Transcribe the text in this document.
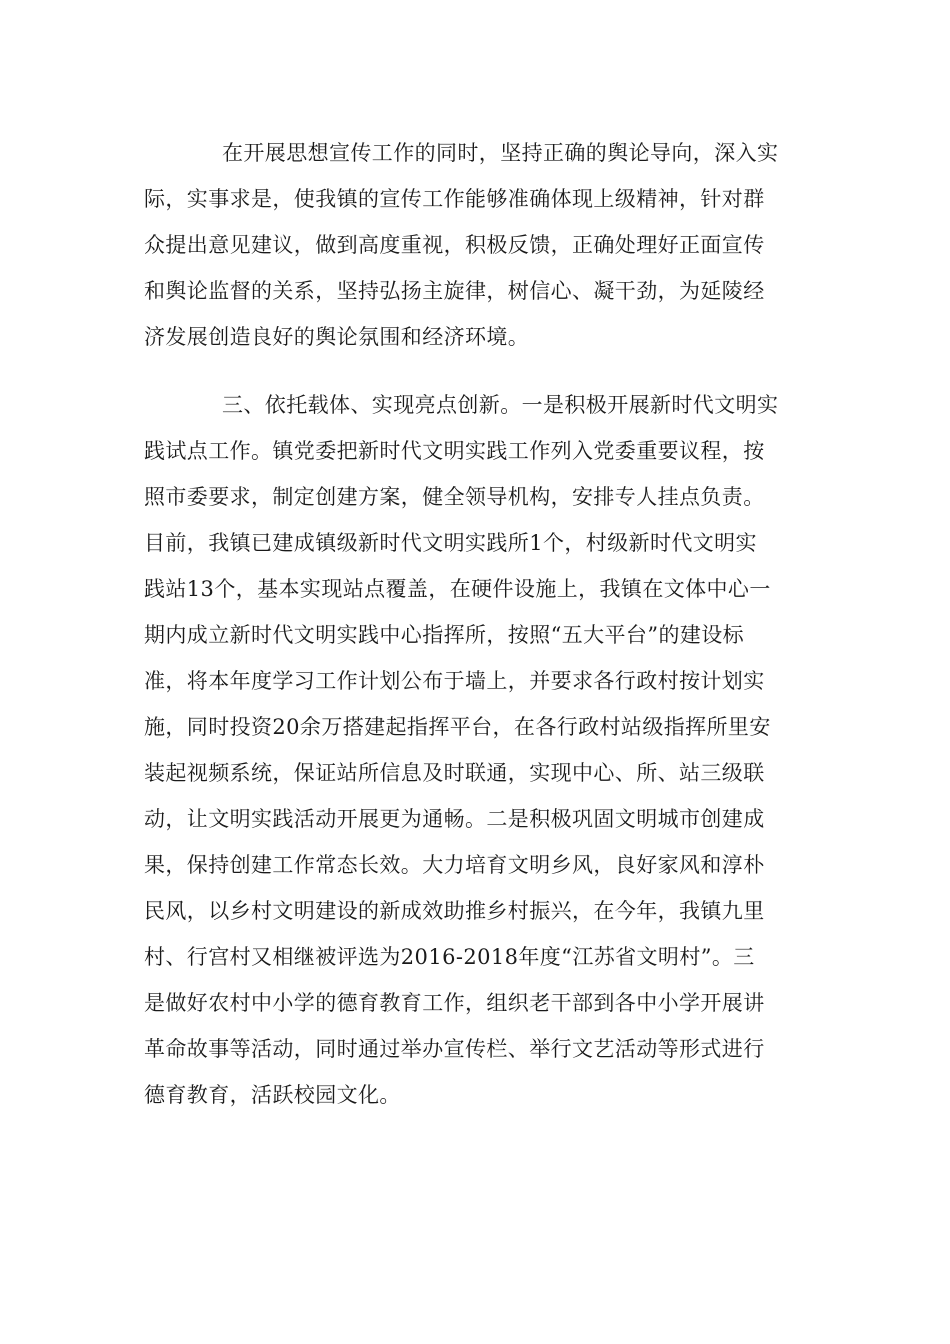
在开展思想宣传工作的同时，坚持正确的舆论导向，深入实
际，实事求是，使我镇的宣传工作能够准确体现上级精神，针对群
众提出意见建议，做到高度重视，积极反馈，正确处理好正面宣传
和舆论监督的关系，坚持弘扬主旋律，树信心、凝干劲，为延陵经
济发展创造良好的舆论氛围和经济环境。
三、依托载体、实现亮点创新。一是积极开展新时代文明实
践试点工作。镇党委把新时代文明实践工作列入党委重要议程，按
照市委要求，制定创建方案，健全领导机构，安排专人挂点负责。
目前，我镇已建成镇级新时代文明实践所1个，村级新时代文明实
践站13个，基本实现站点覆盖，在硬件设施上，我镇在文体中心一
期内成立新时代文明实践中心指挥所，按照“五大平台”的建设标
准，将本年度学习工作计划公布于墙上，并要求各行政村按计划实
施，同时投资20余万搭建起指挥平台，在各行政村站级指挥所里安
装起视频系统，保证站所信息及时联通，实现中心、所、站三级联
动，让文明实践活动开展更为通畅。二是积极巩固文明城市创建成
果，保持创建工作常态长效。大力培育文明乡风，良好家风和淳朴
民风，以乡村文明建设的新成效助推乡村振兴，在今年，我镇九里
村、行宫村又相继被评选为2016-2018年度“江苏省文明村”。三
是做好农村中小学的德育教育工作，组织老干部到各中小学开展讲
革命故事等活动，同时通过举办宣传栏、举行文艺活动等形式进行
德育教育，活跃校园文化。
